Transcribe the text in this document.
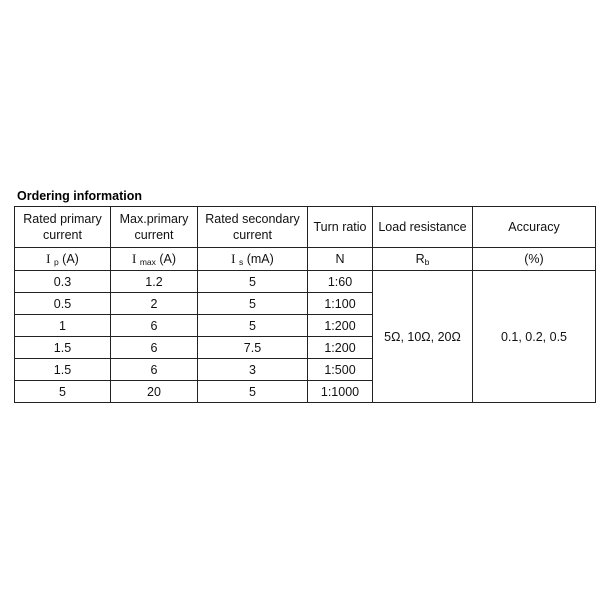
Ordering information
Rated primary current	Max.primary current	Rated secondary current	Turn ratio	Load resistance	Accuracy
I p (A)	I max (A)	I s (mA)	N	Rb	(%)
0.3	1.2	5	1:60	5Ω, 10Ω, 20Ω	0.1, 0.2, 0.5
0.5	2	5	1:100		
1	6	5	1:200		
1.5	6	7.5	1:200		
1.5	6	3	1:500		
5	20	5	1:1000		
